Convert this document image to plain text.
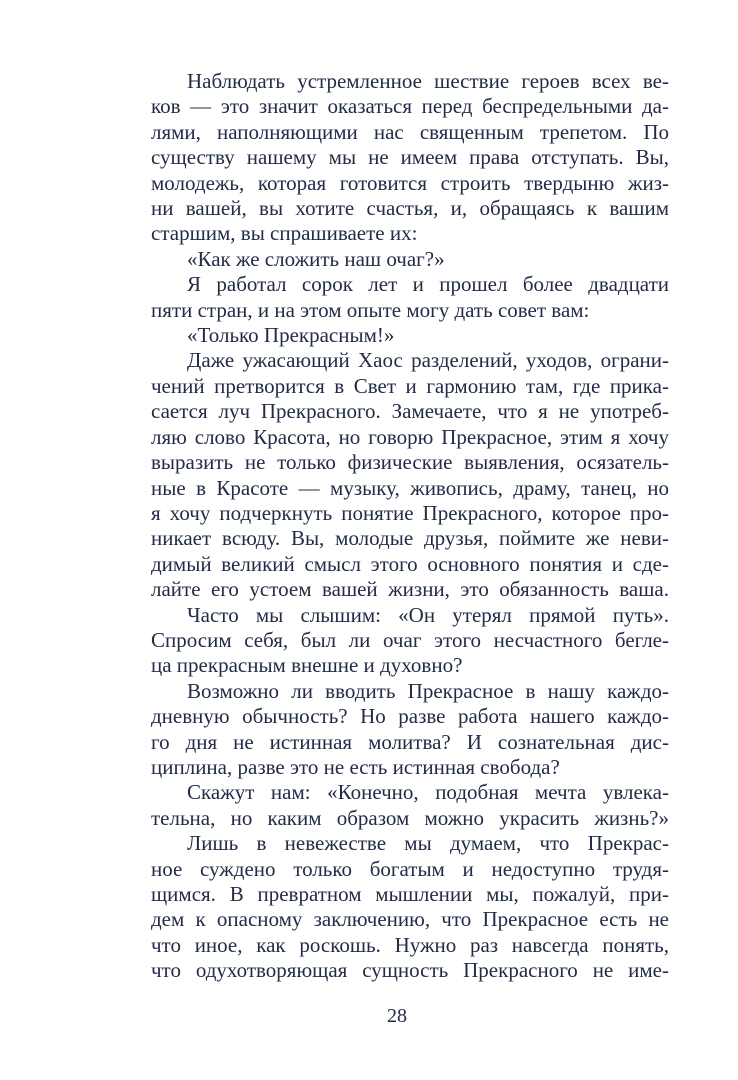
Наблюдать устремленное шествие героев всех ве-
ков — это значит оказаться перед беспредельными да-
лями, наполняющими нас священным трепетом. По
существу нашему мы не имеем права отступать. Вы,
молодежь, которая готовится строить твердыню жиз-
ни вашей, вы хотите счастья, и, обращаясь к вашим
старшим, вы спрашиваете их:
«Как же сложить наш очаг?»
Я работал сорок лет и прошел более двадцати
пяти стран, и на этом опыте могу дать совет вам:
«Только Прекрасным!»
Даже ужасающий Хаос разделений, уходов, ограни-
чений претворится в Свет и гармонию там, где прика-
сается луч Прекрасного. Замечаете, что я не употреб-
ляю слово Красота, но говорю Прекрасное, этим я хочу
выразить не только физические выявления, осязатель-
ные в Красоте — музыку, живопись, драму, танец, но
я хочу подчеркнуть понятие Прекрасного, которое про-
никает всюду. Вы, молодые друзья, поймите же неви-
димый великий смысл этого основного понятия и сде-
лайте его устоем вашей жизни, это обязанность ваша.
Часто мы слышим: «Он утерял прямой путь».
Спросим себя, был ли очаг этого несчастного бегле-
ца прекрасным внешне и духовно?
Возможно ли вводить Прекрасное в нашу каждо-
дневную обычность? Но разве работа нашего каждо-
го дня не истинная молитва? И сознательная дис-
циплина, разве это не есть истинная свобода?
Скажут нам: «Конечно, подобная мечта увлека-
тельна, но каким образом можно украсить жизнь?»
Лишь в невежестве мы думаем, что Прекрас-
ное суждено только богатым и недоступно трудя-
щимся. В превратном мышлении мы, пожалуй, при-
дем к опасному заключению, что Прекрасное есть не
что иное, как роскошь. Нужно раз навсегда понять,
что одухотворяющая сущность Прекрасного не име-
28
